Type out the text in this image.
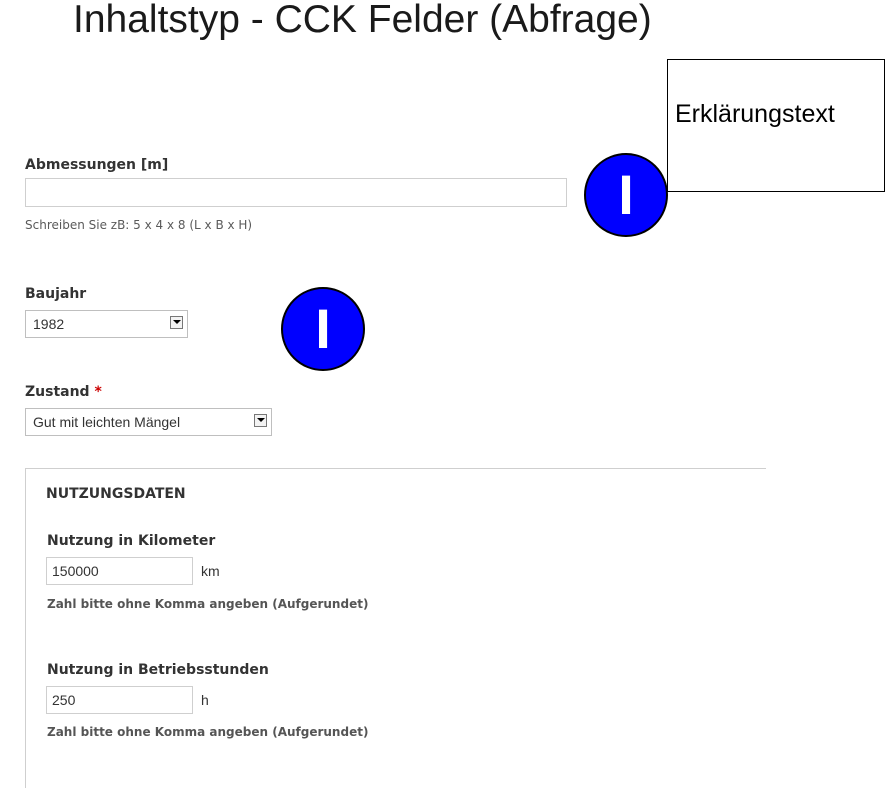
Inhaltstyp - CCK Felder (Abfrage)
Erklärungstext
I
I
Abmessungen [m]
Schreiben Sie zB: 5 x 4 x 8 (L x B x H)
Baujahr
1982
Zustand *
Gut mit leichten Mängel
NUTZUNGSDATEN
Nutzung in Kilometer
150000
km
Zahl bitte ohne Komma angeben (Aufgerundet)
Nutzung in Betriebsstunden
250
h
Zahl bitte ohne Komma angeben (Aufgerundet)
